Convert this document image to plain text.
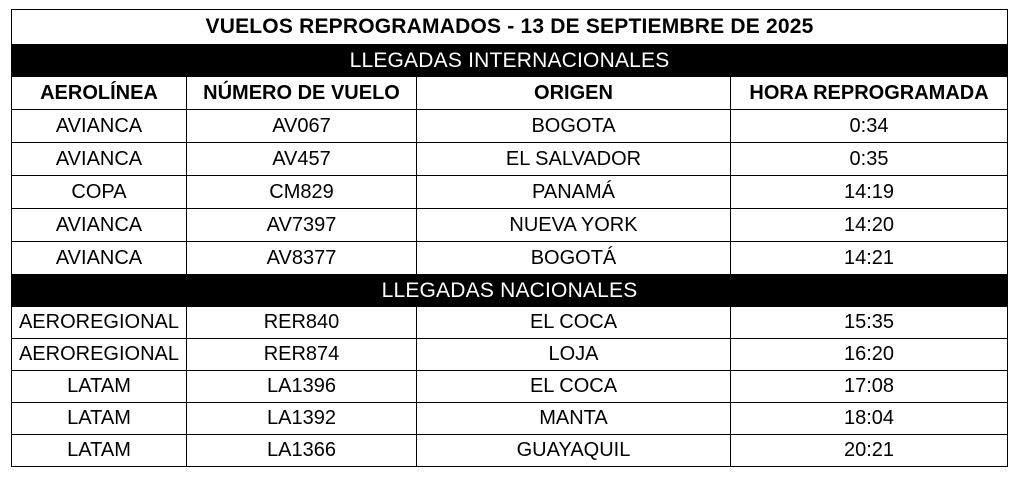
VUELOS REPROGRAMADOS - 13 DE SEPTIEMBRE DE 2025			
LLEGADAS INTERNACIONALES			
AEROLÍNEA	NÚMERO DE VUELO	ORIGEN	HORA REPROGRAMADA
AVIANCA	AV067	BOGOTA	0:34
AVIANCA	AV457	EL SALVADOR	0:35
COPA	CM829	PANAMÁ	14:19
AVIANCA	AV7397	NUEVA YORK	14:20
AVIANCA	AV8377	BOGOTÁ	14:21
LLEGADAS NACIONALES			
AEROREGIONAL	RER840	EL COCA	15:35
AEROREGIONAL	RER874	LOJA	16:20
LATAM	LA1396	EL COCA	17:08
LATAM	LA1392	MANTA	18:04
LATAM	LA1366	GUAYAQUIL	20:21
